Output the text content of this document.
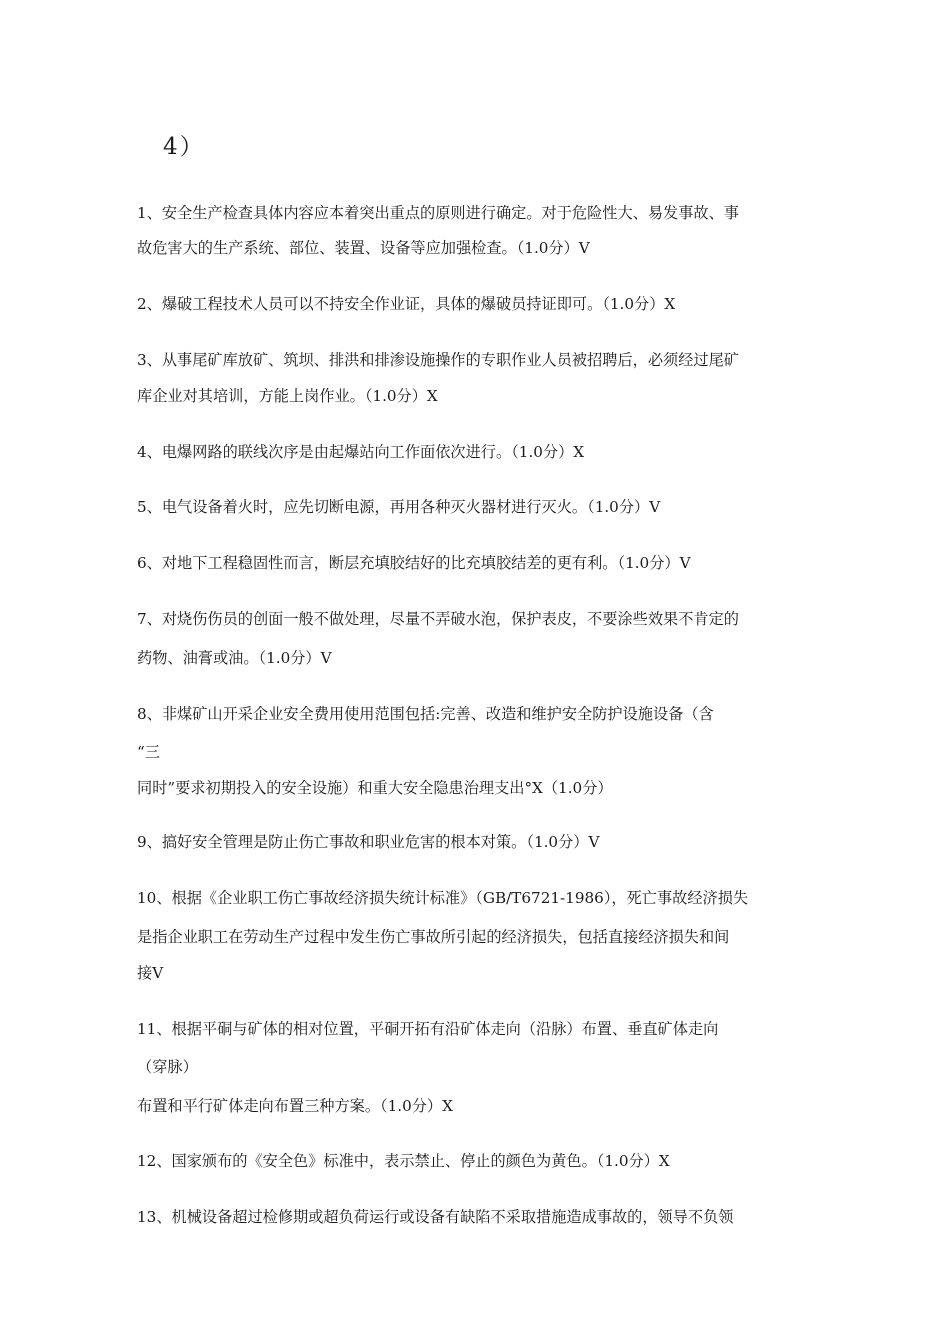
4）
1、安全生产检查具体内容应本着突出重点的原则进行确定。对于危险性大、易发事故、事
故危害大的生产系统、部位、装置、设备等应加强检查。（1.0分）V
2、爆破工程技术人员可以不持安全作业证，具体的爆破员持证即可。（1.0分）X
3、从事尾矿库放矿、筑坝、排洪和排渗设施操作的专职作业人员被招聘后，必须经过尾矿
库企业对其培训，方能上岗作业。（1.0分）X
4、电爆网路的联线次序是由起爆站向工作面依次进行。（1.0分）X
5、电气设备着火时，应先切断电源，再用各种灭火器材进行灭火。（1.0分）V
6、对地下工程稳固性而言，断层充填胶结好的比充填胶结差的更有利。（1.0分）V
7、对烧伤伤员的创面一般不做处理，尽量不弄破水泡，保护表皮，不要涂些效果不肯定的
药物、油膏或油。（1.0分）V
8、非煤矿山开采企业安全费用使用范围包括:完善、改造和维护安全防护设施设备（含
“三
同时”要求初期投入的安全设施）和重大安全隐患治理支出°X（1.0分）
9、搞好安全管理是防止伤亡事故和职业危害的根本对策。（1.0分）V
10、根据《企业职工伤亡事故经济损失统计标准》（GB/T6721-1986），死亡事故经济损失
是指企业职工在劳动生产过程中发生伤亡事故所引起的经济损失，包括直接经济损失和间
接V
11、根据平硐与矿体的相对位置，平硐开拓有沿矿体走向（沿脉）布置、垂直矿体走向
（穿脉）
布置和平行矿体走向布置三种方案。（1.0分）X
12、国家颁布的《安全色》标准中，表示禁止、停止的颜色为黄色。（1.0分）X
13、机械设备超过检修期或超负荷运行或设备有缺陷不采取措施造成事故的，领导不负领
